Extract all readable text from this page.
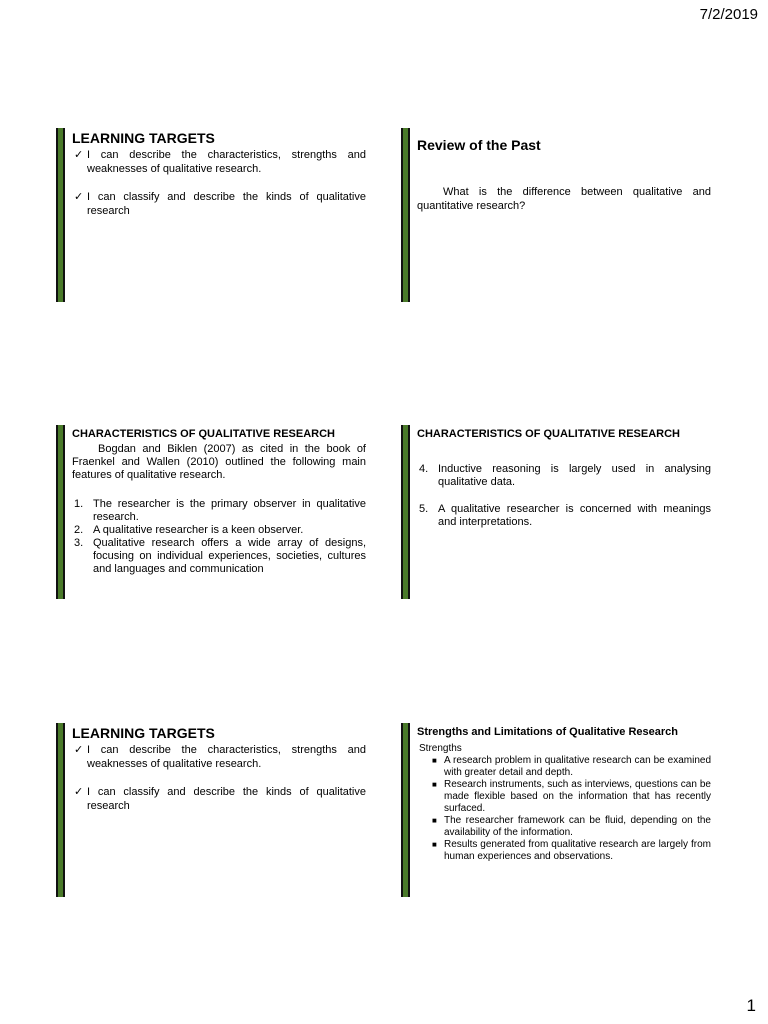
7/2/2019
LEARNING TARGETS
✓ I can describe the characteristics, strengths and weaknesses of qualitative research.
✓ I can classify and describe the kinds of qualitative research
Review of the Past

What is the difference between qualitative and quantitative research?

CHARACTERISTICS OF QUALITATIVE RESEARCH

Bogdan and Biklen (2007) as cited in the book of Fraenkel and Wallen (2010) outlined the following main features of qualitative research.

1. The researcher is the primary observer in qualitative research.
2. A qualitative researcher is a keen observer.
3. Qualitative research offers a wide array of designs, focusing on individual experiences, societies, cultures and languages and communication
CHARACTERISTICS OF QUALITATIVE RESEARCH
4. Inductive reasoning is largely used in analysing qualitative data.
5. A qualitative researcher is concerned with meanings and interpretations.
LEARNING TARGETS
✓ I can describe the characteristics, strengths and weaknesses of qualitative research.
✓ I can classify and describe the kinds of qualitative research
Strengths and Limitations of Qualitative Research
Strengths
■ A research problem in qualitative research can be examined with greater detail and depth.
■ Research instruments, such as interviews, questions can be made flexible based on the information that has recently surfaced.
■ The researcher framework can be fluid, depending on the availability of the information.
■ Results generated from qualitative research are largely from human experiences and observations.
1
